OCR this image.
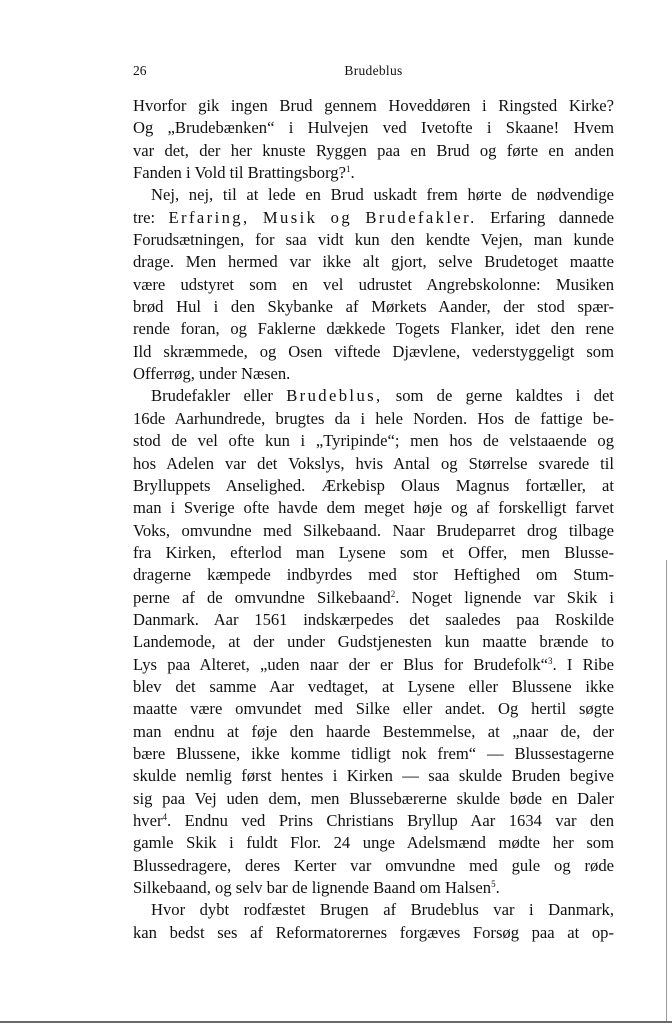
26	Brudeblus
Hvorfor gik ingen Brud gennem Hoveddøren i Ringsted Kirke?
Og „Brudebænken“ i Hulvejen ved Ivetofte i Skaane! Hvem
var det, der her knuste Ryggen paa en Brud og førte en anden
Fanden i Vold til Brattingsborg?$^1$.
Nej, nej, til at lede en Brud uskadt frem hørte de nødvendige
tre: Erfaring, Musik og Brudefakler. Erfaring dannede
Forudsætningen, for saa vidt kun den kendte Vejen, man kunde
drage. Men hermed var ikke alt gjort, selve Brudetoget maatte
være udstyret som en vel udrustet Angrebskolonne: Musiken
brød Hul i den Skybanke af Mørkets Aander, der stod spær-
rende foran, og Faklerne dækkede Togets Flanker, idet den rene
Ild skræmmede, og Osen viftede Djævlene, vederstyggeligt som
Offerrøg, under Næsen.
Brudefakler eller Brudeblus, som de gerne kaldtes i det
16de Aarhundrede, brugtes da i hele Norden. Hos de fattige be-
stod de vel ofte kun i „Tyripinde“; men hos de velstaaende og
hos Adelen var det Vokslys, hvis Antal og Størrelse svarede til
Brylluppets Anselighed. Ærkebisp Olaus Magnus fortæller, at
man i Sverige ofte havde dem meget høje og af forskelligt farvet
Voks, omvundne med Silkebaand. Naar Brudeparret drog tilbage
fra Kirken, efterlod man Lysene som et Offer, men Blusse-
dragerne kæmpede indbyrdes med stor Heftighed om Stum-
perne af de omvundne Silkebaand$^2$. Noget lignende var Skik i
Danmark. Aar 1561 indskærpedes det saaledes paa Roskilde
Landemode, at der under Gudstjenesten kun maatte brænde to
Lys paa Alteret, „uden naar der er Blus for Brudefolk“$^3$. I Ribe
blev det samme Aar vedtaget, at Lysene eller Blussene ikke
maatte være omvundet med Silke eller andet. Og hertil søgte
man endnu at føje den haarde Bestemmelse, at „naar de, der
bære Blussene, ikke komme tidligt nok frem“ — Blussestagerne
skulde nemlig først hentes i Kirken — saa skulde Bruden begive
sig paa Vej uden dem, men Blussebærerne skulde bøde en Daler
hver$^4$. Endnu ved Prins Christians Bryllup Aar 1634 var den
gamle Skik i fuldt Flor. 24 unge Adelsmænd mødte her som
Blussedragere, deres Kerter var omvundne med gule og røde
Silkebaand, og selv bar de lignende Baand om Halsen$^5$.
Hvor dybt rodfæstet Brugen af Brudeblus var i Danmark,
kan bedst ses af Reformatorernes forgæves Forsøg paa at op-
